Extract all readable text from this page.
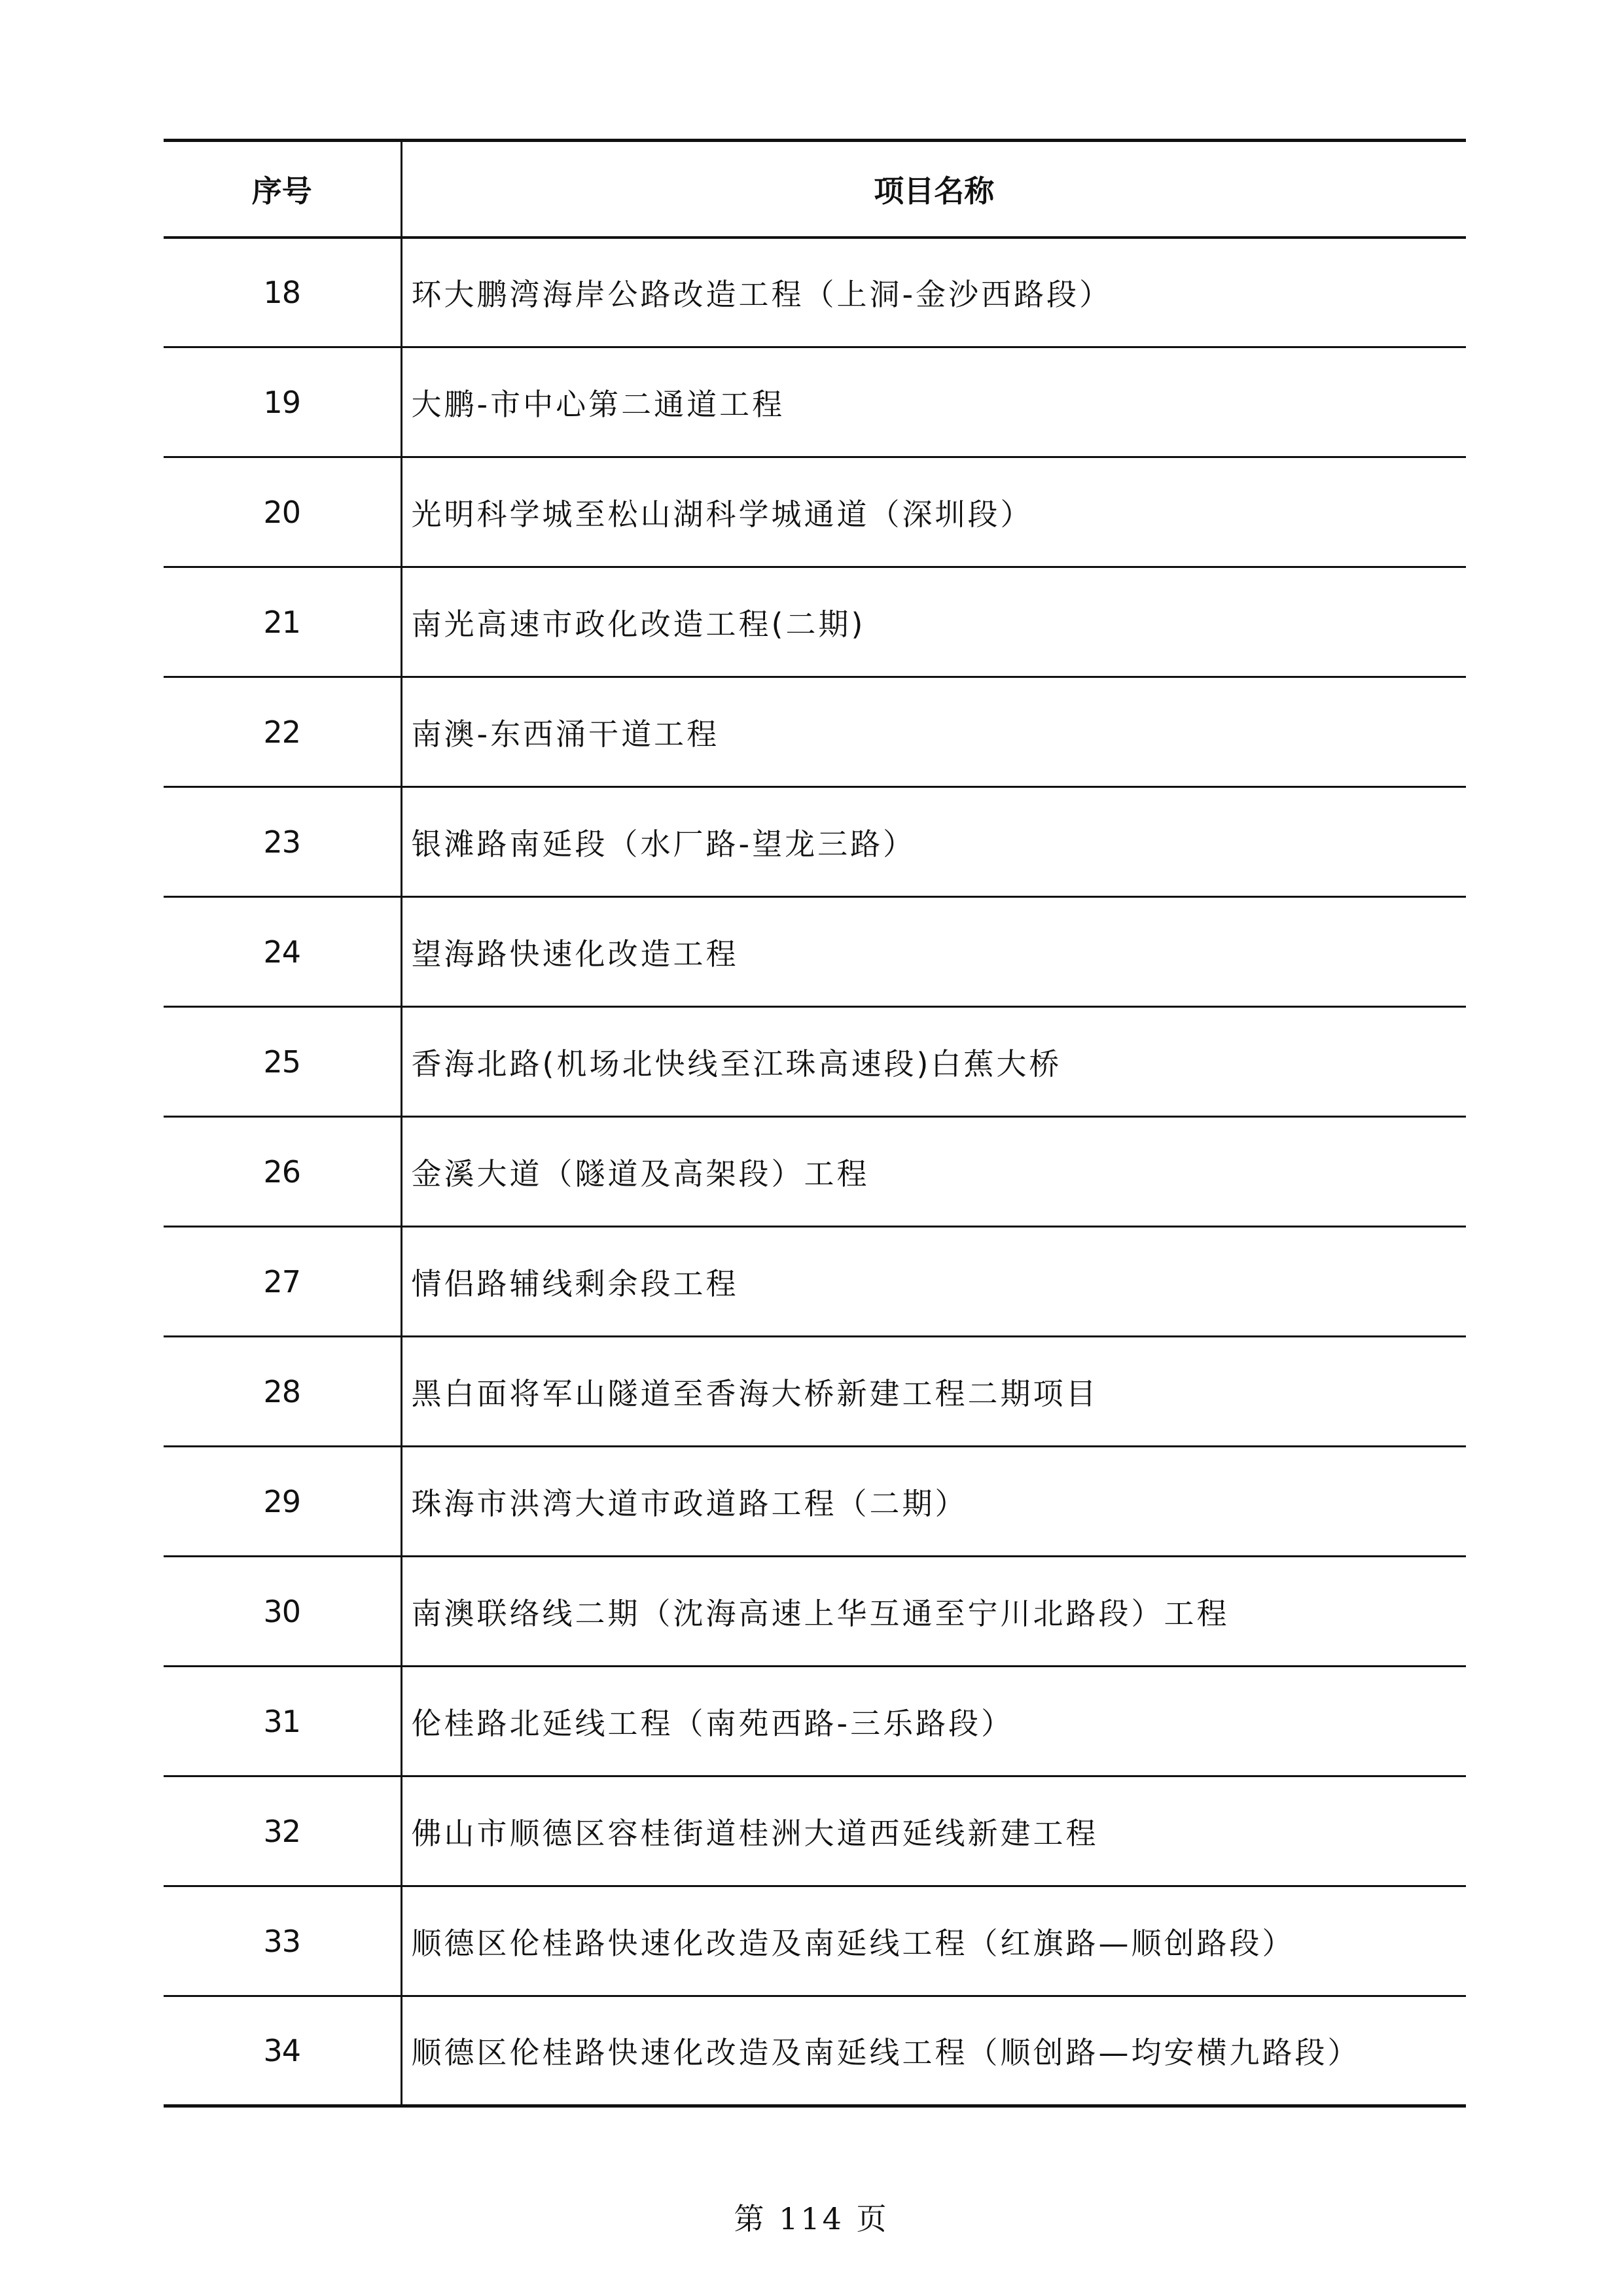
序号	项目名称
18	环大鹏湾海岸公路改造工程（上洞-金沙西路段）
19	大鹏-市中心第二通道工程
20	光明科学城至松山湖科学城通道（深圳段）
21	南光高速市政化改造工程(二期)
22	南澳-东西涌干道工程
23	银滩路南延段（水厂路-望龙三路）
24	望海路快速化改造工程
25	香海北路(机场北快线至江珠高速段)白蕉大桥
26	金溪大道（隧道及高架段）工程
27	情侣路辅线剩余段工程
28	黑白面将军山隧道至香海大桥新建工程二期项目
29	珠海市洪湾大道市政道路工程（二期）
30	南澳联络线二期（沈海高速上华互通至宁川北路段）工程
31	伦桂路北延线工程（南苑西路-三乐路段）
32	佛山市顺德区容桂街道桂洲大道西延线新建工程
33	顺德区伦桂路快速化改造及南延线工程（红旗路—顺创路段）
34	顺德区伦桂路快速化改造及南延线工程（顺创路—均安横九路段）
第 114 页
